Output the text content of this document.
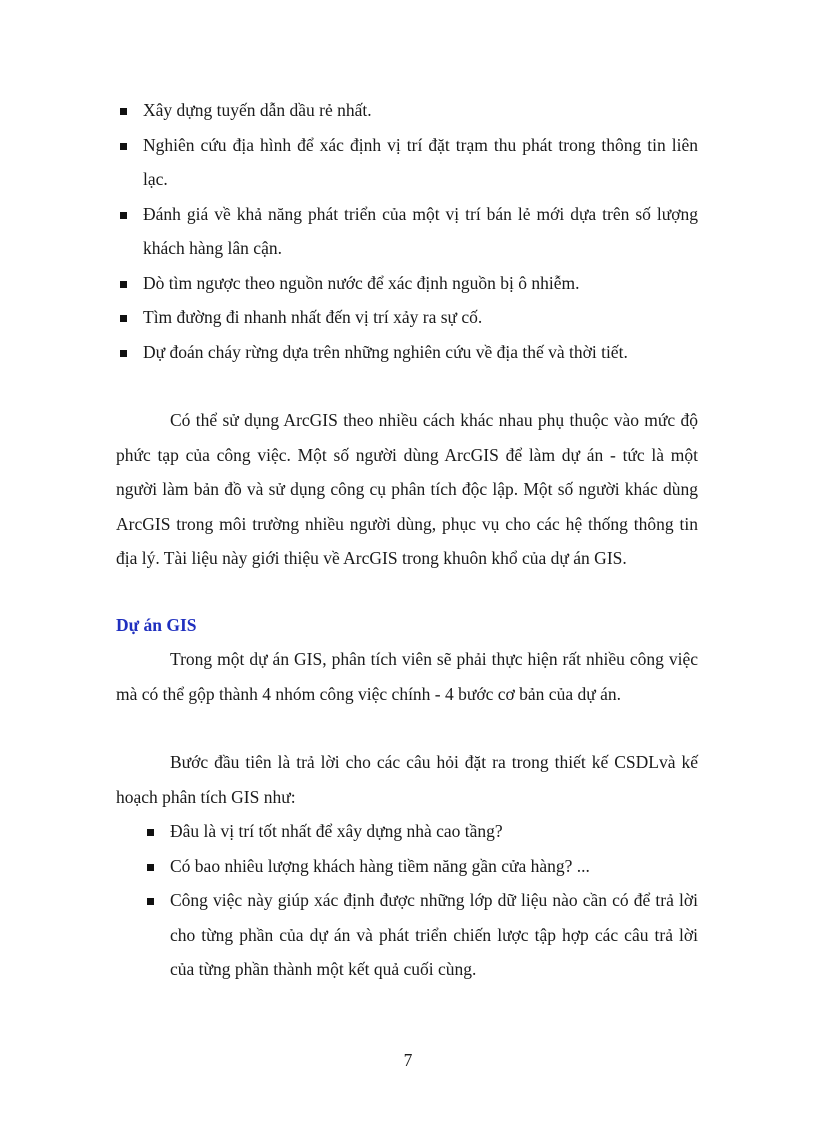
Xây dựng tuyến dẫn dầu rẻ nhất.
Nghiên cứu địa hình để xác định vị trí đặt trạm thu phát trong thông tin liên lạc.
Đánh giá về khả năng phát triển của một vị trí bán lẻ mới dựa trên số lượng khách hàng lân cận.
Dò tìm ngược theo nguồn nước để xác định nguồn bị ô nhiễm.
Tìm đường đi nhanh nhất đến vị trí xảy ra sự cố.
Dự đoán cháy rừng dựa trên những nghiên cứu về địa thế và thời tiết.

Có thể sử dụng ArcGIS theo nhiều cách khác nhau phụ thuộc vào mức độ phức tạp của công việc. Một số người dùng ArcGIS để làm dự án - tức là một người làm bản đồ và sử dụng công cụ phân tích độc lập. Một số người khác dùng ArcGIS trong môi trường nhiều người dùng, phục vụ cho các hệ thống thông tin địa lý. Tài liệu này giới thiệu về ArcGIS trong khuôn khổ của dự án GIS.

Dự án GIS

Trong một dự án GIS, phân tích viên sẽ phải thực hiện rất nhiều công việc mà có thể gộp thành 4 nhóm công việc chính - 4 bước cơ bản của dự án.

Bước đầu tiên là trả lời cho các câu hỏi đặt ra trong thiết kế CSDLvà kế hoạch phân tích GIS như:

Đâu là vị trí tốt nhất để xây dựng nhà cao tầng?
Có bao nhiêu lượng khách hàng tiềm năng gần cửa hàng? ...
Công việc này giúp xác định được những lớp dữ liệu nào cần có để trả lời cho từng phần của dự án và phát triển chiến lược tập hợp các câu trả lời của từng phần thành một kết quả cuối cùng.
7
